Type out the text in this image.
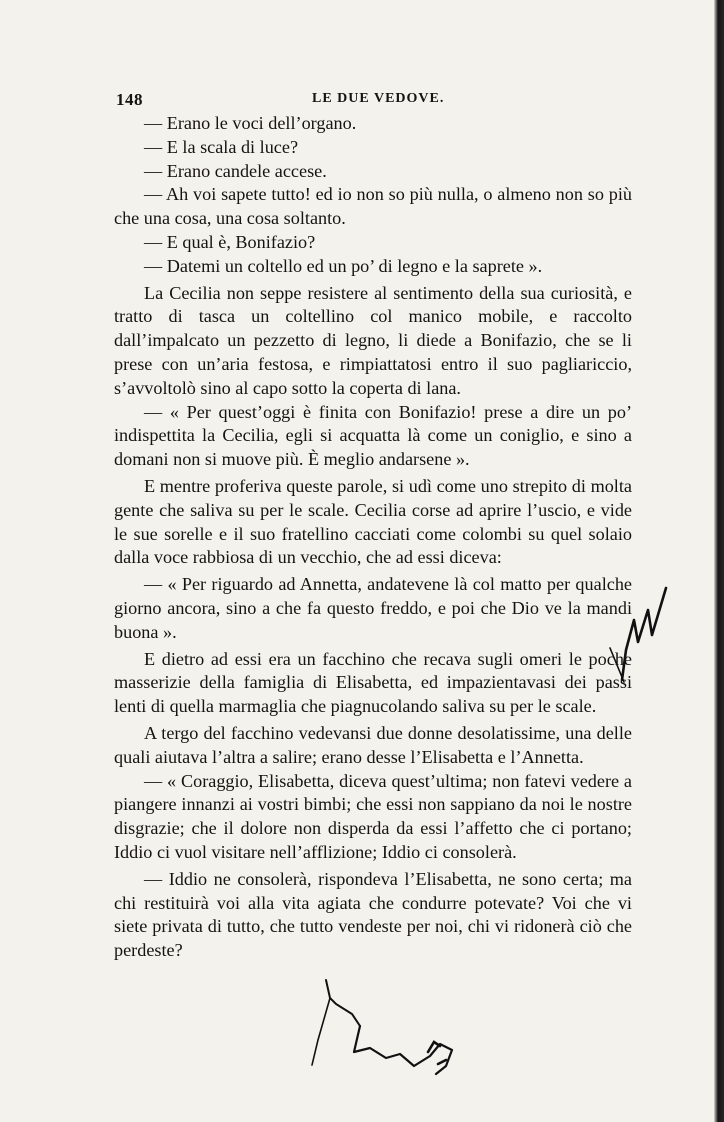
148	LE DUE VEDOVE.

— Erano le voci dell’organo.

— E la scala di luce?

— Erano candele accese.

— Ah voi sapete tutto! ed io non so più nulla, o almeno non so più che una cosa, una cosa soltanto.

— E qual è, Bonifazio?

— Datemi un coltello ed un po’ di legno e la saprete ».

La Cecilia non seppe resistere al sentimento della sua curiosità, e tratto di tasca un coltellino col manico mobile, e raccolto dall’impalcato un pezzetto di legno, li diede a Bonifazio, che se li prese con un’aria festosa, e rimpiattatosi entro il suo pagliariccio, s’avvoltolò sino al capo sotto la coperta di lana.

— « Per quest’oggi è finita con Bonifazio! prese a dire un po’ indispettita la Cecilia, egli si acquatta là come un coniglio, e sino a domani non si muove più. È meglio andarsene ».

E mentre proferiva queste parole, si udì come uno strepito di molta gente che saliva su per le scale. Cecilia corse ad aprire l’uscio, e vide le sue sorelle e il suo fratellino cacciati come colombi su quel solaio dalla voce rabbiosa di un vecchio, che ad essi diceva:

— « Per riguardo ad Annetta, andatevene là col matto per qualche giorno ancora, sino a che fa questo freddo, e poi che Dio ve la mandi buona ».

E dietro ad essi era un facchino che recava sugli omeri le poche masserizie della famiglia di Elisabetta, ed impazientavasi dei passi lenti di quella marmaglia che piagnucolando saliva su per le scale.

A tergo del facchino vedevansi due donne desolatissime, una delle quali aiutava l’altra a salire; erano desse l’Elisabetta e l’Annetta.

— « Coraggio, Elisabetta, diceva quest’ultima; non fatevi vedere a piangere innanzi ai vostri bimbi; che essi non sappiano da noi le nostre disgrazie; che il dolore non disperda da essi l’affetto che ci portano; Iddio ci vuol visitare nell’afflizione; Iddio ci consolerà.

— Iddio ne consolerà, rispondeva l’Elisabetta, ne sono certa; ma chi restituirà voi alla vita agiata che condurre potevate? Voi che vi siete privata di tutto, che tutto vendeste per noi, chi vi ridonerà ciò che perdeste?
